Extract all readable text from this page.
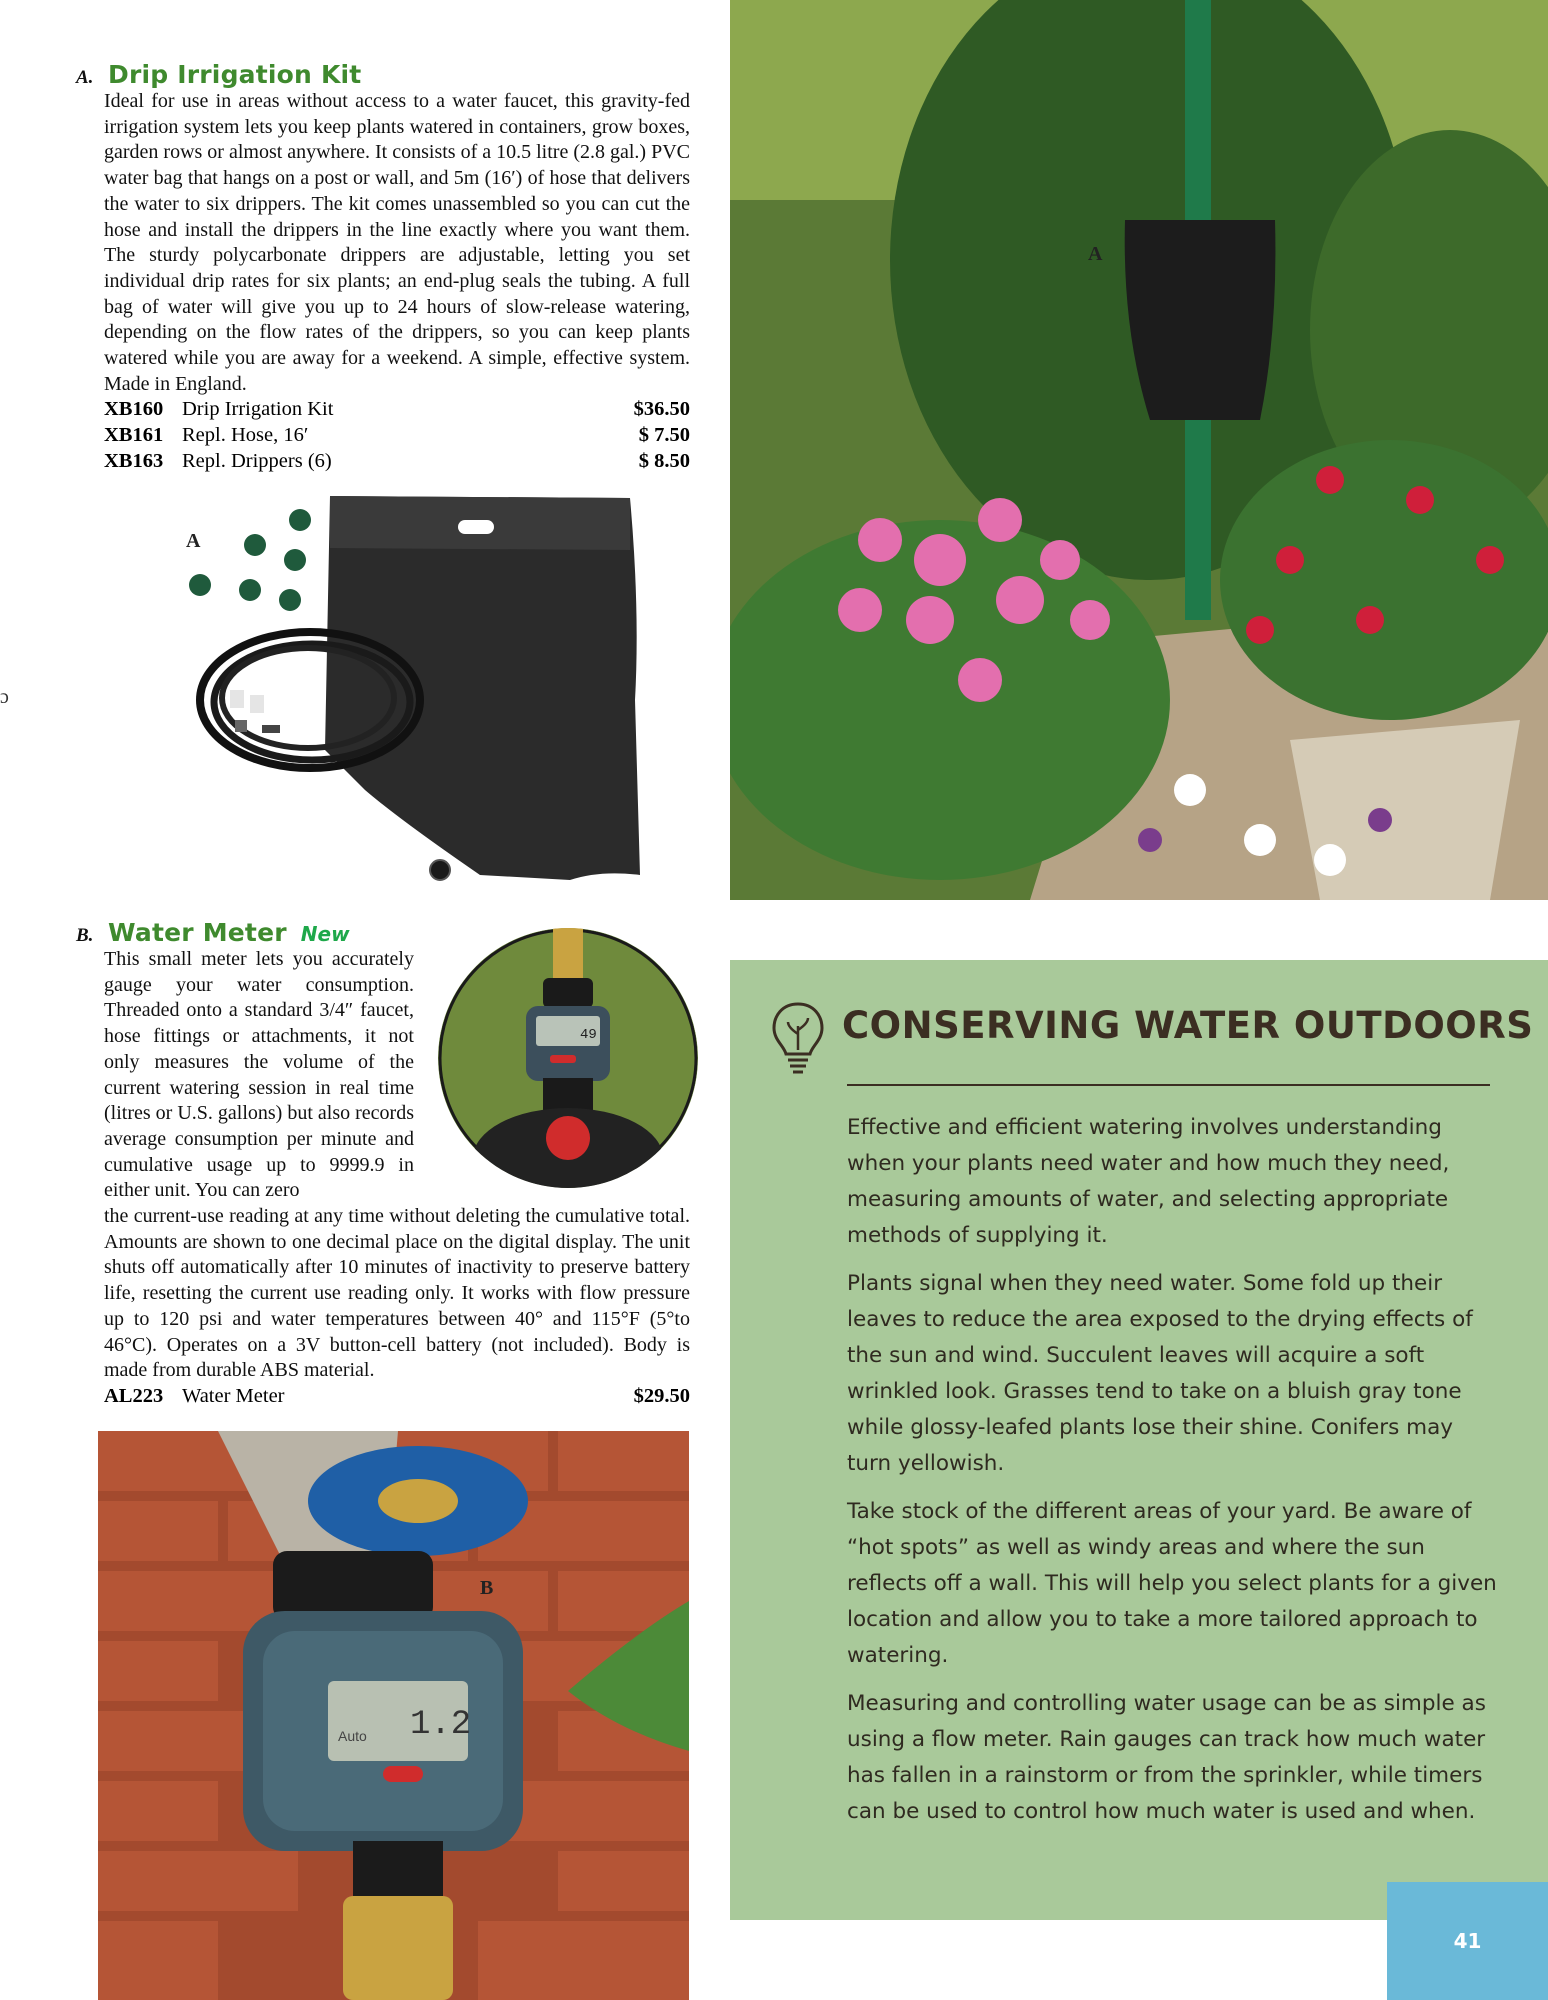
ɔ
A. Drip Irrigation Kit
Ideal for use in areas without access to a water faucet, this gravity-fed irrigation system lets you keep plants watered in containers, grow boxes, garden rows or almost anywhere. It consists of a 10.5 litre (2.8 gal.) PVC water bag that hangs on a post or wall, and 5m (16′) of hose that delivers the water to six drippers. The kit comes unassembled so you can cut the hose and install the drippers in the line exactly where you want them. The sturdy polycarbonate drippers are adjustable, letting you set individual drip rates for six plants; an end-plug seals the tubing. A full bag of water will give you up to 24 hours of slow-release watering, depending on the flow rates of the drippers, so you can keep plants watered while you are away for a weekend. A simple, effective system. Made in England.
XB160 Drip Irrigation Kit	$36.50
XB161 Repl. Hose, 16′	$ 7.50
XB163 Repl. Drippers (6)	$ 8.50
A
B. Water Meter New
This small meter lets you accurately gauge your water consumption. Threaded onto a standard 3/4″ faucet, hose fittings or attachments, it not only measures the volume of the current watering session in real time (litres or U.S. gallons) but also records average consumption per minute and cumulative usage up to 9999.9 in either unit. You can zero
the current-use reading at any time without deleting the cumulative total. Amounts are shown to one decimal place on the digital display. The unit shuts off automatically after 10 minutes of inactivity to preserve battery life, resetting the current use reading only. It works with flow pressure up to 120 psi and water temperatures between 40° and 115°F (5°to 46°C). Operates on a 3V button-cell battery (not included). Body is made from durable ABS material.
AL223 Water Meter	$29.50
49
1.2
Auto
B
A
CONSERVING WATER OUTDOORS

Effective and efficient watering involves understanding when your plants need water and how much they need, measuring amounts of water, and selecting appropriate methods of supplying it.

Plants signal when they need water. Some fold up their leaves to reduce the area exposed to the drying effects of the sun and wind. Succulent leaves will acquire a soft wrinkled look. Grasses tend to take on a bluish gray tone while glossy-leafed plants lose their shine. Conifers may turn yellowish.

Take stock of the different areas of your yard. Be aware of “hot spots” as well as windy areas and where the sun reflects off a wall. This will help you select plants for a given location and allow you to take a more tailored approach to watering.

Measuring and controlling water usage can be as simple as using a flow meter. Rain gauges can track how much water has fallen in a rainstorm or from the sprinkler, while timers can be used to control how much water is used and when.

41
